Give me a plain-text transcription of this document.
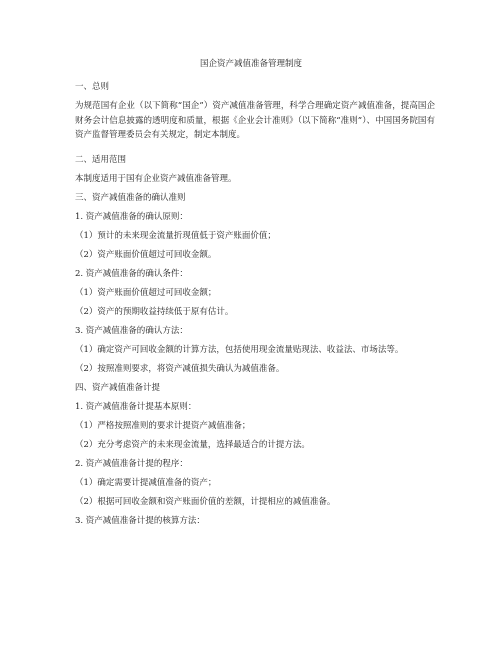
国企资产减值准备管理制度
一、总则
为规范国有企业（以下简称“国企”）资产减值准备管理，科学合理确定资产减值准备，提高国企财务会计信息披露的透明度和质量，根据《企业会计准则》（以下简称“准则”）、中国国务院国有资产监督管理委员会有关规定，制定本制度。
二、适用范围
本制度适用于国有企业资产减值准备管理。
三、资产减值准备的确认准则
1. 资产减值准备的确认原则：
（1）预计的未来现金流量折现值低于资产账面价值；
（2）资产账面价值超过可回收金额。
2. 资产减值准备的确认条件：
（1）资产账面价值超过可回收金额；
（2）资产的预期收益持续低于原有估计。
3. 资产减值准备的确认方法：
（1）确定资产可回收金额的计算方法，包括使用现金流量贴现法、收益法、市场法等。
（2）按照准则要求，将资产减值损失确认为减值准备。
四、资产减值准备计提
1. 资产减值准备计提基本原则：
（1）严格按照准则的要求计提资产减值准备；
（2）充分考虑资产的未来现金流量，选择最适合的计提方法。
2. 资产减值准备计提的程序：
（1）确定需要计提减值准备的资产；
（2）根据可回收金额和资产账面价值的差额，计提相应的减值准备。
3. 资产减值准备计提的核算方法：
